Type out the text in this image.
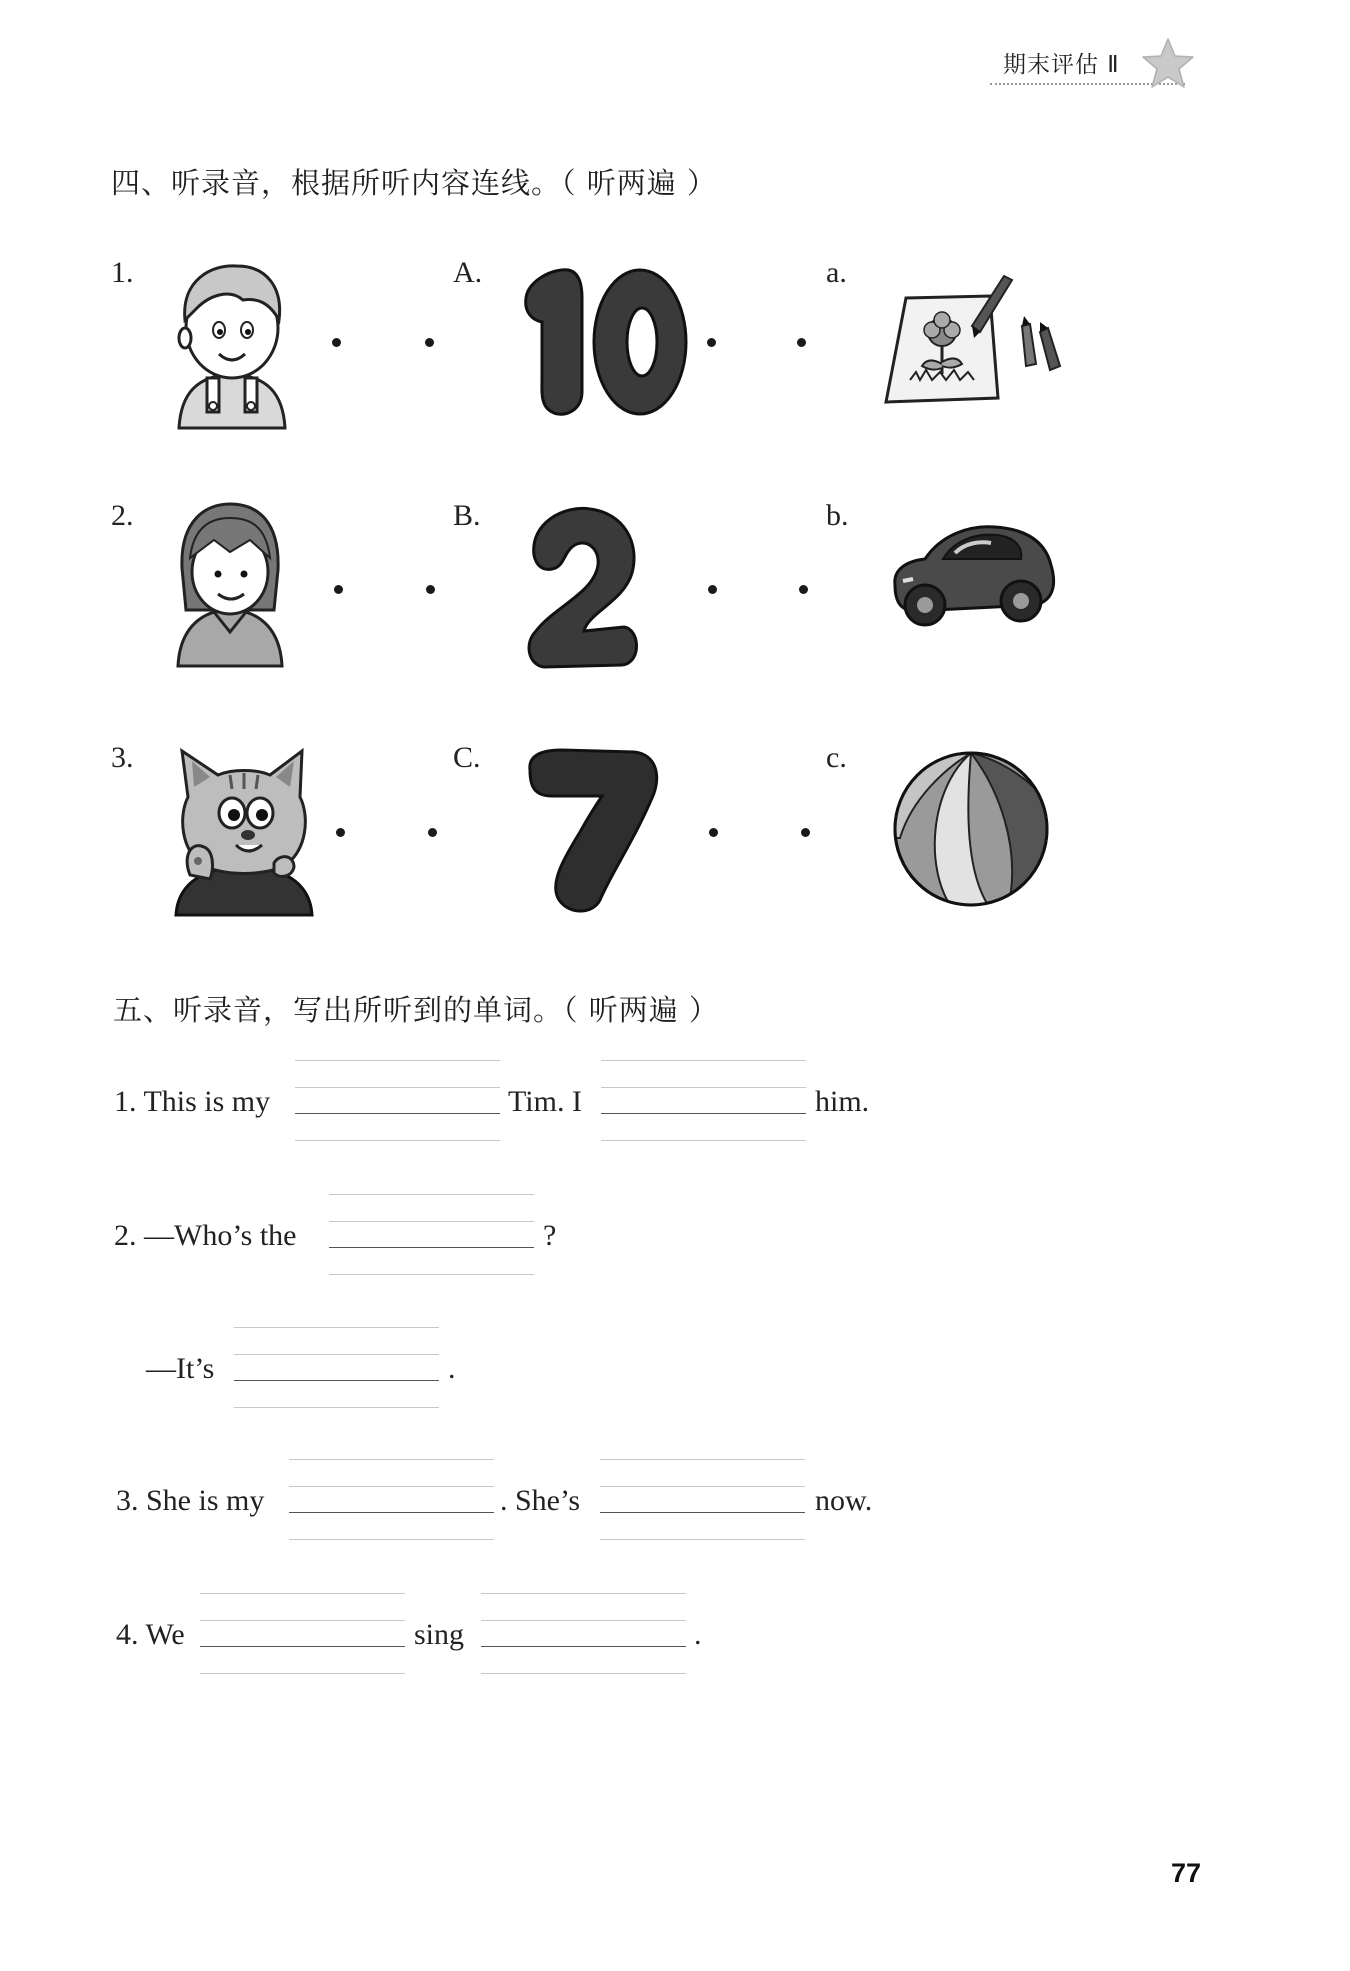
期末评估 Ⅱ
四、听录音，根据所听内容连线。（ 听两遍 ）
1.	A.	a.
2.	B.	b.
3.	C.	c.
五、听录音，写出所听到的单词。（ 听两遍 ）
1. This is my	Tim. I	him.
2. —Who’s the	?
—It’s	.
3. She is my	. She’s	now.
4. We	sing	.
77
